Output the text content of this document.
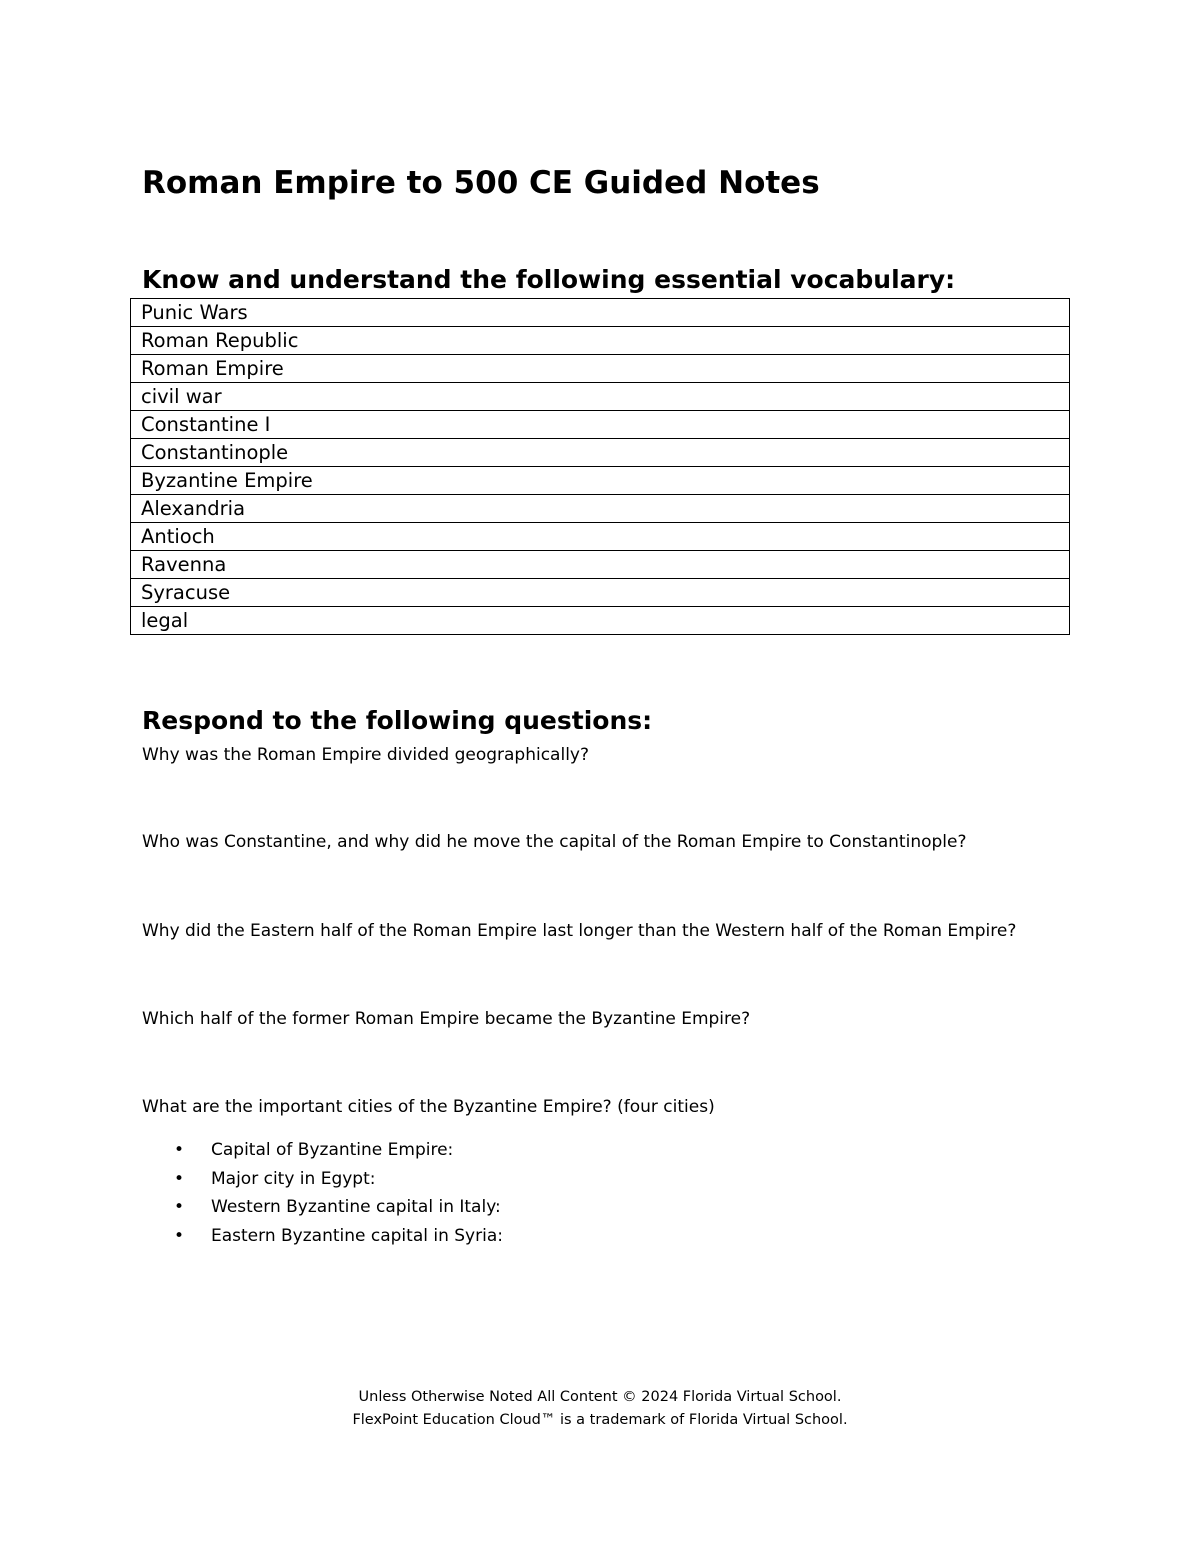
Roman Empire to 500 CE Guided Notes
Know and understand the following essential vocabulary:
Punic Wars
Roman Republic
Roman Empire
civil war
Constantine I
Constantinople
Byzantine Empire
Alexandria
Antioch
Ravenna
Syracuse
legal
Respond to the following questions:

Why was the Roman Empire divided geographically?

Who was Constantine, and why did he move the capital of the Roman Empire to Constantinople?

Why did the Eastern half of the Roman Empire last longer than the Western half of the Roman Empire?

Which half of the former Roman Empire became the Byzantine Empire?

What are the important cities of the Byzantine Empire? (four cities)

• Capital of Byzantine Empire:
• Major city in Egypt:
• Western Byzantine capital in Italy:
• Eastern Byzantine capital in Syria:
Unless Otherwise Noted All Content © 2024 Florida Virtual School.
FlexPoint Education Cloud™ is a trademark of Florida Virtual School.
